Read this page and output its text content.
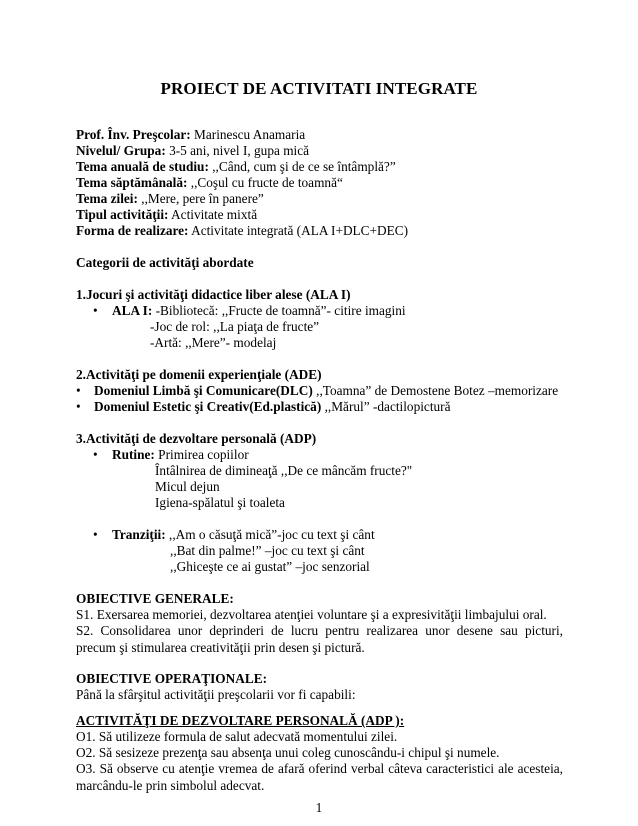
PROIECT DE ACTIVITATI INTEGRATE
Prof. Înv. Preşcolar: Marinescu Anamaria
Nivelul/ Grupa: 3-5 ani, nivel I, gupa mică
Tema anuală de studiu: ,,Când, cum şi de ce se întâmplă?”
Tema săptămânală: ,,Coşul cu fructe de toamnă“
Tema zilei: ,,Mere, pere în panere”
Tipul activităţii: Activitate mixtă
Forma de realizare: Activitate integrată (ALA I+DLC+DEC)
Categorii de activităţi abordate
1.Jocuri şi activităţi didactice liber alese (ALA I)
• ALA I: -Bibliotecă: ,,Fructe de toamnă”- citire imagini
-Joc de rol: ,,La piaţa de fructe”
-Artă: ,,Mere”- modelaj
2.Activităţi pe domenii experienţiale (ADE)
• Domeniul Limbă şi Comunicare(DLC) ,,Toamna” de Demostene Botez –memorizare
• Domeniul Estetic şi Creativ(Ed.plastică) ,,Mărul” -dactilopictură
3.Activităţi de dezvoltare personală (ADP)
• Rutine: Primirea copiilor
Întâlnirea de dimineaţă ,,De ce mâncăm fructe?"
Micul dejun
Igiena-spălatul şi toaleta
• Tranziţii: ,,Am o căsuţă mică”-joc cu text şi cânt
,,Bat din palme!” –joc cu text şi cânt
,,Ghiceşte ce ai gustat” –joc senzorial
OBIECTIVE GENERALE:
S1. Exersarea memoriei, dezvoltarea atenţiei voluntare şi a expresivităţii limbajului oral.
S2. Consolidarea unor deprinderi de lucru pentru realizarea unor desene sau picturi, precum şi stimularea creativităţii prin desen şi pictură.
OBIECTIVE OPERAŢIONALE:
Până la sfârşitul activităţii preşcolarii vor fi capabili:
ACTIVITĂŢI DE DEZVOLTARE PERSONALĂ (ADP ):
O1. Să utilizeze formula de salut adecvată momentului zilei.
O2. Să sesizeze prezenţa sau absenţa unui coleg cunoscându-i chipul şi numele.
O3. Să observe cu atenţie vremea de afară oferind verbal câteva caracteristici ale acesteia, marcându-le prin simbolul adecvat.
1
